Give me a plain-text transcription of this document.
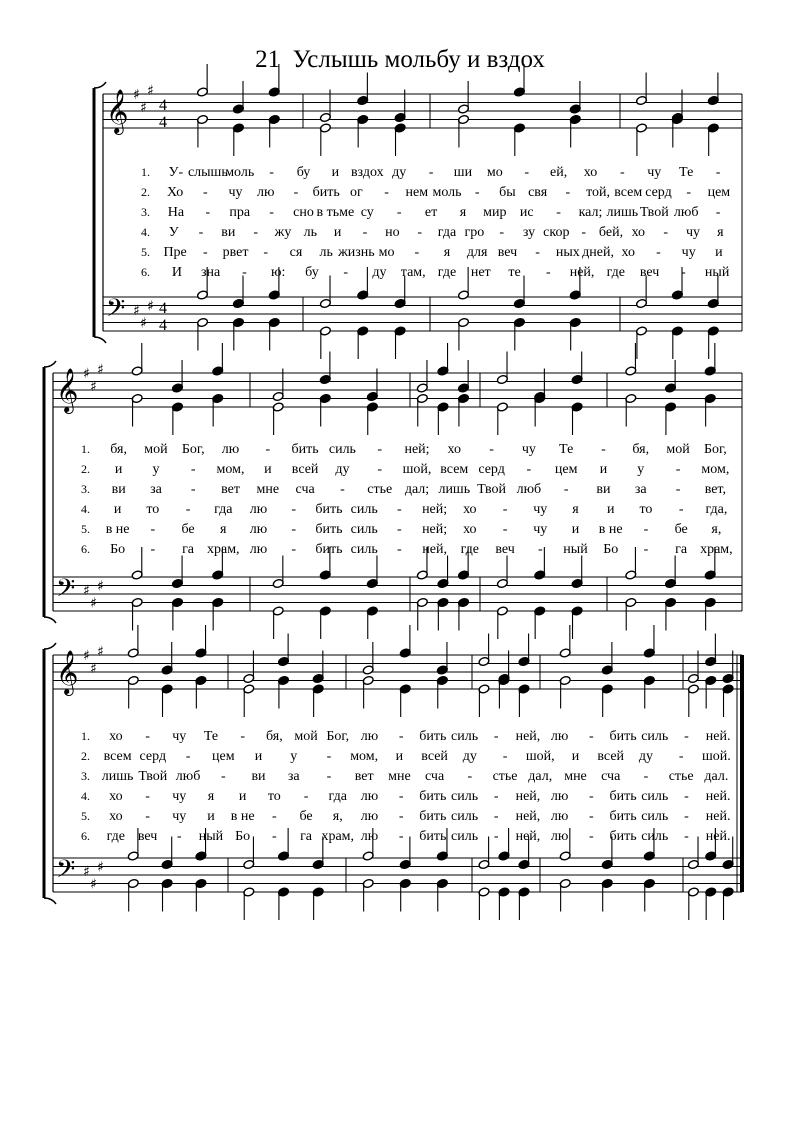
21 Услышь мольбу и вздох
𝄞
𝄢
♯
♯
♯
♯
♯
♯
4
4
4
4
1. У- слышь
моль - бу и вздох ду - ши мо - ей, хо - чу Те -
2. Хо - чу лю - бить ог - нем моль - бы свя - той, всем серд - цем
3. На - пра - сно в тьме су - ет я мир ис - кал; лишь Твой люб -
4. У - ви - жу ль и - но - гда гро - зу скор - бей, хо - чу я
5. Пре - рвет - ся ль жизнь мо - я для веч - ных дней, хо - чу и
6. И зна - ю: бу - ду там, где нет те - ней, где веч - ный
𝄞
𝄢
♯
♯
♯
♯
♯
♯
1. бя, мой Бог, лю - бить силь - ней; хо - чу Те - бя, мой Бог,
2. и у - мом, и всей ду - шой, всем серд - цем и у - мом,
3. ви за - вет мне сча - стье дал; лишь Твой люб - ви за - вет,
4. и то - гда лю - бить силь - ней; хо - чу я и то - гда,
5. в не - бе я лю - бить силь - ней; хо - чу и в не - бе я,
6. Бо - га храм, лю - бить силь - ней, где веч - ный Бо - га храм,
𝄞
𝄢
♯
♯
♯
♯
♯
♯
1. хо - чу Те - бя, мой Бог, лю - бить силь - ней, лю - бить силь - ней.
2. всем серд - цем и у - мом, и всей ду - шой, и всей ду - шой.
3. лишь Твой люб - ви за - вет мне сча - стье дал, мне сча - стье дал.
4. хо - чу я и то - гда лю - бить силь - ней, лю - бить силь - ней.
5. хо - чу и в не - бе я, лю - бить силь - ней, лю - бить силь - ней.
6. где веч - ный Бо - га храм, лю - бить силь - ней, лю - бить силь - ней.
